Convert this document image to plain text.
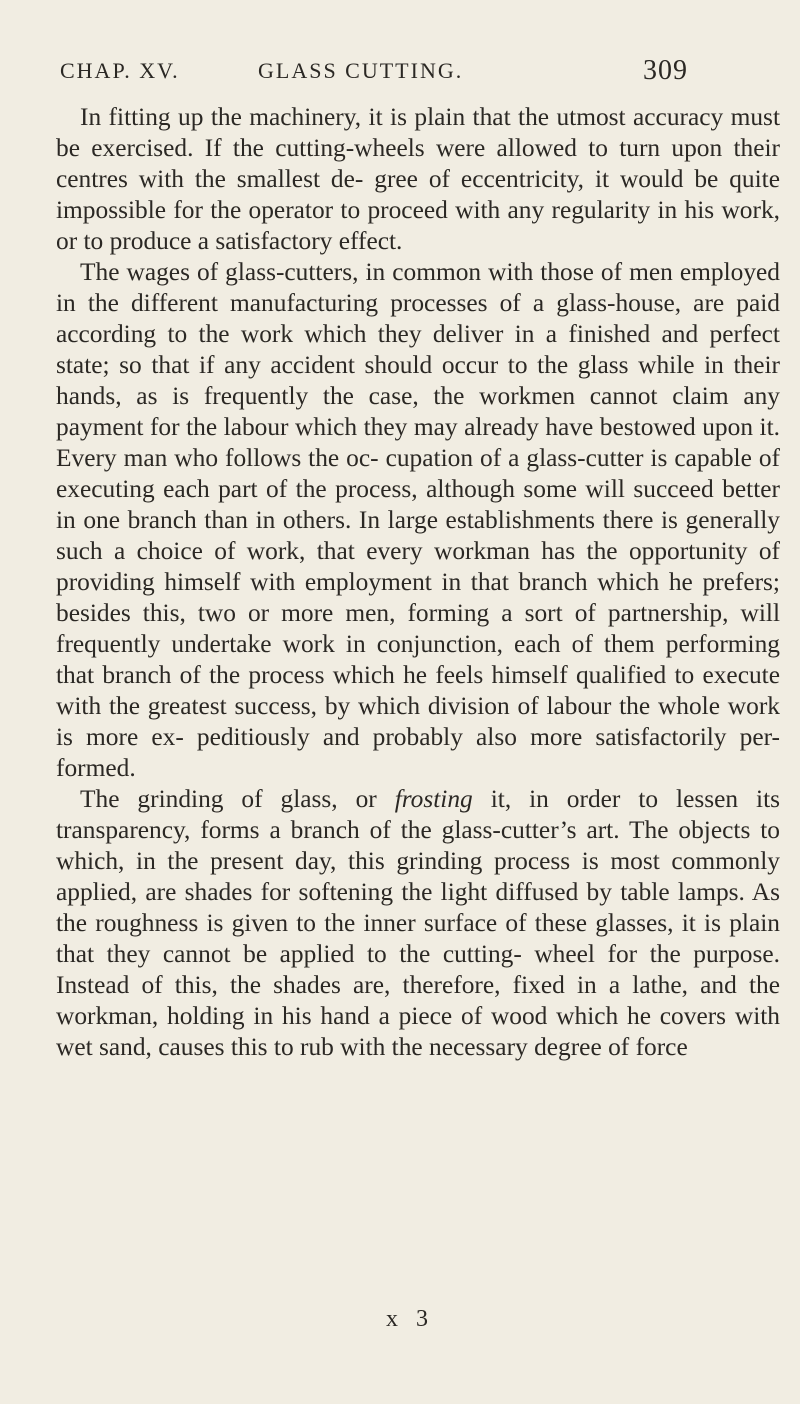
CHAP. XV.	GLASS CUTTING.	309

In fitting up the machinery, it is plain that the utmost accuracy must be exercised. If the cutting-wheels were allowed to turn upon their centres with the smallest de- gree of eccentricity, it would be quite impossible for the operator to proceed with any regularity in his work, or to produce a satisfactory effect.

The wages of glass-cutters, in common with those of men employed in the different manufacturing processes of a glass-house, are paid according to the work which they deliver in a finished and perfect state; so that if any accident should occur to the glass while in their hands, as is frequently the case, the workmen cannot claim any payment for the labour which they may already have bestowed upon it. Every man who follows the oc- cupation of a glass-cutter is capable of executing each part of the process, although some will succeed better in one branch than in others. In large establishments there is generally such a choice of work, that every workman has the opportunity of providing himself with employment in that branch which he prefers; besides this, two or more men, forming a sort of partnership, will frequently undertake work in conjunction, each of them performing that branch of the process which he feels himself qualified to execute with the greatest success, by which division of labour the whole work is more ex- peditiously and probably also more satisfactorily per- formed.

The grinding of glass, or frosting it, in order to lessen its transparency, forms a branch of the glass-cutter’s art. The objects to which, in the present day, this grinding process is most commonly applied, are shades for softening the light diffused by table lamps. As the roughness is given to the inner surface of these glasses, it is plain that they cannot be applied to the cutting- wheel for the purpose. Instead of this, the shades are, therefore, fixed in a lathe, and the workman, holding in his hand a piece of wood which he covers with wet sand, causes this to rub with the necessary degree of force

x 3
